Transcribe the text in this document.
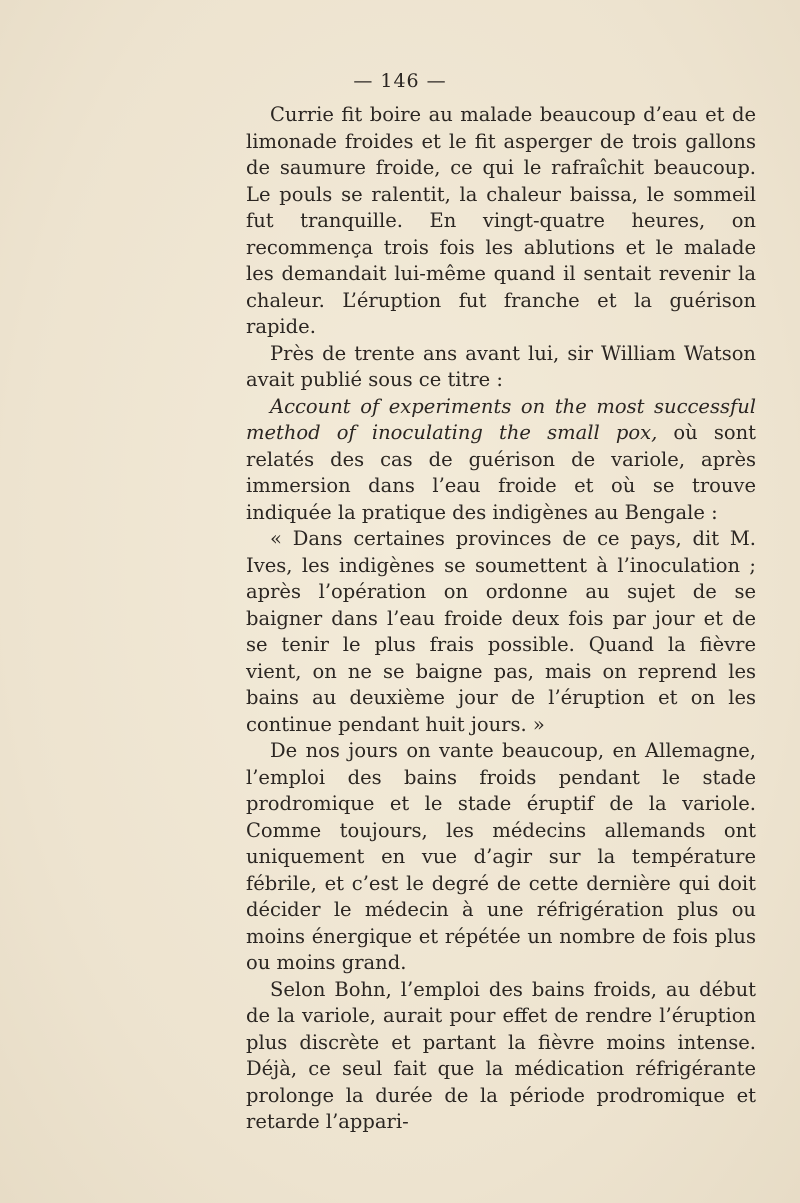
— 146 —

Currie fit boire au malade beaucoup d’eau et de limonade froides et le fit asperger de trois gallons de saumure froide, ce qui le rafraîchit beaucoup. Le pouls se ralentit, la chaleur baissa, le sommeil fut tranquille. En vingt-quatre heures, on recommença trois fois les ablutions et le malade les demandait lui-même quand il sentait revenir la chaleur. L’éruption fut franche et la guérison rapide.

Près de trente ans avant lui, sir William Watson avait publié sous ce titre :

Account of experiments on the most successful method of inoculating the small pox, où sont relatés des cas de guérison de variole, après immersion dans l’eau froide et où se trouve indiquée la pratique des indigènes au Bengale :

« Dans certaines provinces de ce pays, dit M. Ives, les indigènes se soumettent à l’inoculation ; après l’opération on ordonne au sujet de se baigner dans l’eau froide deux fois par jour et de se tenir le plus frais possible. Quand la fièvre vient, on ne se baigne pas, mais on reprend les bains au deuxième jour de l’éruption et on les continue pendant huit jours. »

De nos jours on vante beaucoup, en Allemagne, l’emploi des bains froids pendant le stade prodromique et le stade éruptif de la variole. Comme toujours, les médecins allemands ont uniquement en vue d’agir sur la température fébrile, et c’est le degré de cette dernière qui doit décider le médecin à une réfrigération plus ou moins énergique et répétée un nombre de fois plus ou moins grand.

Selon Bohn, l’emploi des bains froids, au début de la variole, aurait pour effet de rendre l’éruption plus discrète et partant la fièvre moins intense. Déjà, ce seul fait que la médication réfrigérante prolonge la durée de la période prodromique et retarde l’appari-
